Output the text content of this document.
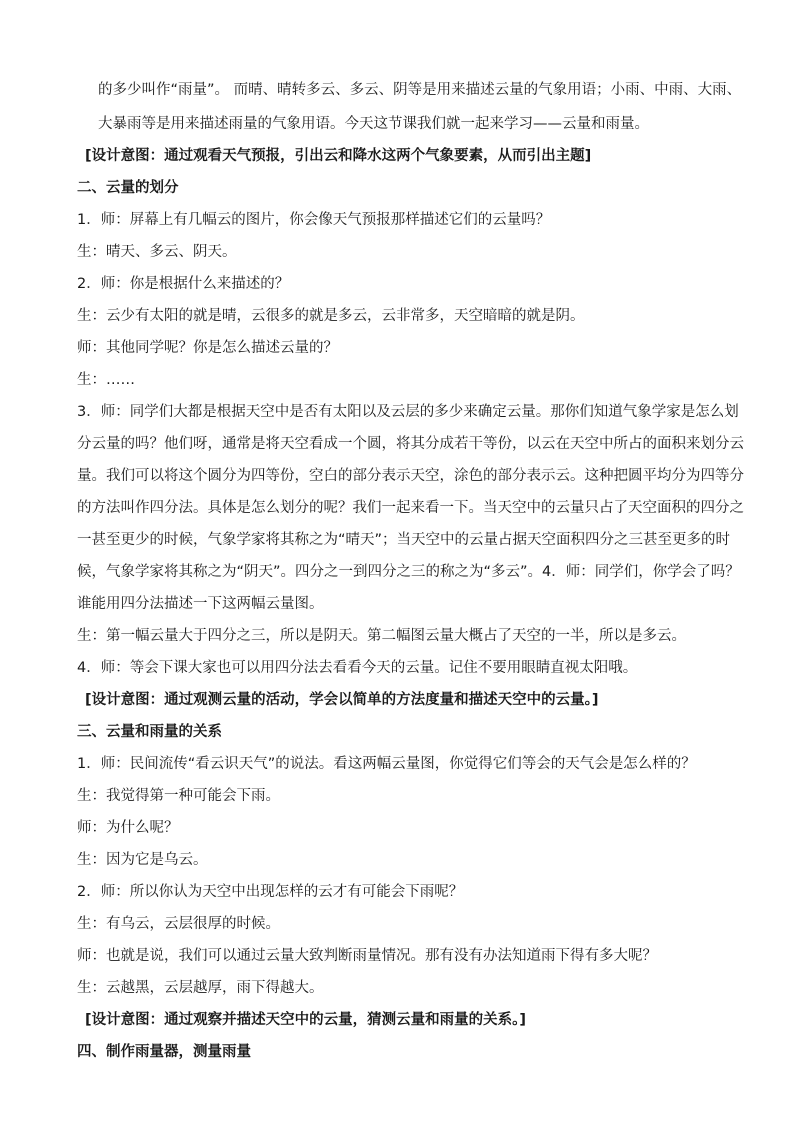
的多少叫作“雨量”。 而晴、晴转多云、多云、阴等是用来描述云量的气象用语；小雨、中雨、大雨、
大暴雨等是用来描述雨量的气象用语。今天这节课我们就一起来学习——云量和雨量。
[设计意图：通过观看天气预报，引出云和降水这两个气象要素，从而引出主题]
二、云量的划分
1．师：屏幕上有几幅云的图片，你会像天气预报那样描述它们的云量吗？
生：晴天、多云、阴天。
2．师：你是根据什么来描述的？
生：云少有太阳的就是晴，云很多的就是多云，云非常多，天空暗暗的就是阴。
师：其他同学呢？你是怎么描述云量的？
生：……
3．师：同学们大都是根据天空中是否有太阳以及云层的多少来确定云量。那你们知道气象学家是怎么划
分云量的吗？他们呀，通常是将天空看成一个圆，将其分成若干等份，以云在天空中所占的面积来划分云
量。我们可以将这个圆分为四等份，空白的部分表示天空，涂色的部分表示云。这种把圆平均分为四等分
的方法叫作四分法。具体是怎么划分的呢？我们一起来看一下。当天空中的云量只占了天空面积的四分之
一甚至更少的时候，气象学家将其称之为“晴天”；当天空中的云量占据天空面积四分之三甚至更多的时
候，气象学家将其称之为“阴天”。四分之一到四分之三的称之为“多云”。4．师：同学们，你学会了吗？
谁能用四分法描述一下这两幅云量图。
生：第一幅云量大于四分之三，所以是阴天。第二幅图云量大概占了天空的一半，所以是多云。
4．师：等会下课大家也可以用四分法去看看今天的云量。记住不要用眼睛直视太阳哦。
[设计意图：通过观测云量的活动，学会以简单的方法度量和描述天空中的云量。]
三、云量和雨量的关系
1．师：民间流传“看云识天气”的说法。看这两幅云量图，你觉得它们等会的天气会是怎么样的？
生：我觉得第一种可能会下雨。
师：为什么呢？
生：因为它是乌云。
2．师：所以你认为天空中出现怎样的云才有可能会下雨呢？
生：有乌云，云层很厚的时候。
师：也就是说，我们可以通过云量大致判断雨量情况。那有没有办法知道雨下得有多大呢？
生：云越黑，云层越厚，雨下得越大。
[设计意图：通过观察并描述天空中的云量，猜测云量和雨量的关系。]
四、制作雨量器，测量雨量
